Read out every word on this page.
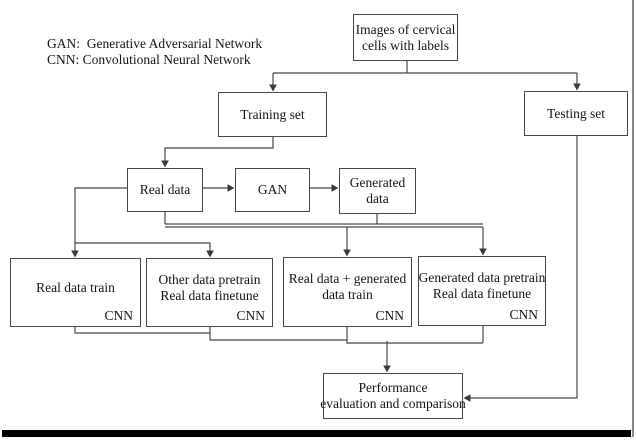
GAN:  Generative Adversarial Network
CNN: Convolutional Neural Network
Images of cervical
cells with labels
Training set	Testing set
Real data	GAN	Generated
data
Real data train
CNN
Other data pretrain
Real data finetune
CNN
Real data + generated
data train
CNN
Generated data pretrain
Real data finetune
CNN
Performance
evaluation and comparison
